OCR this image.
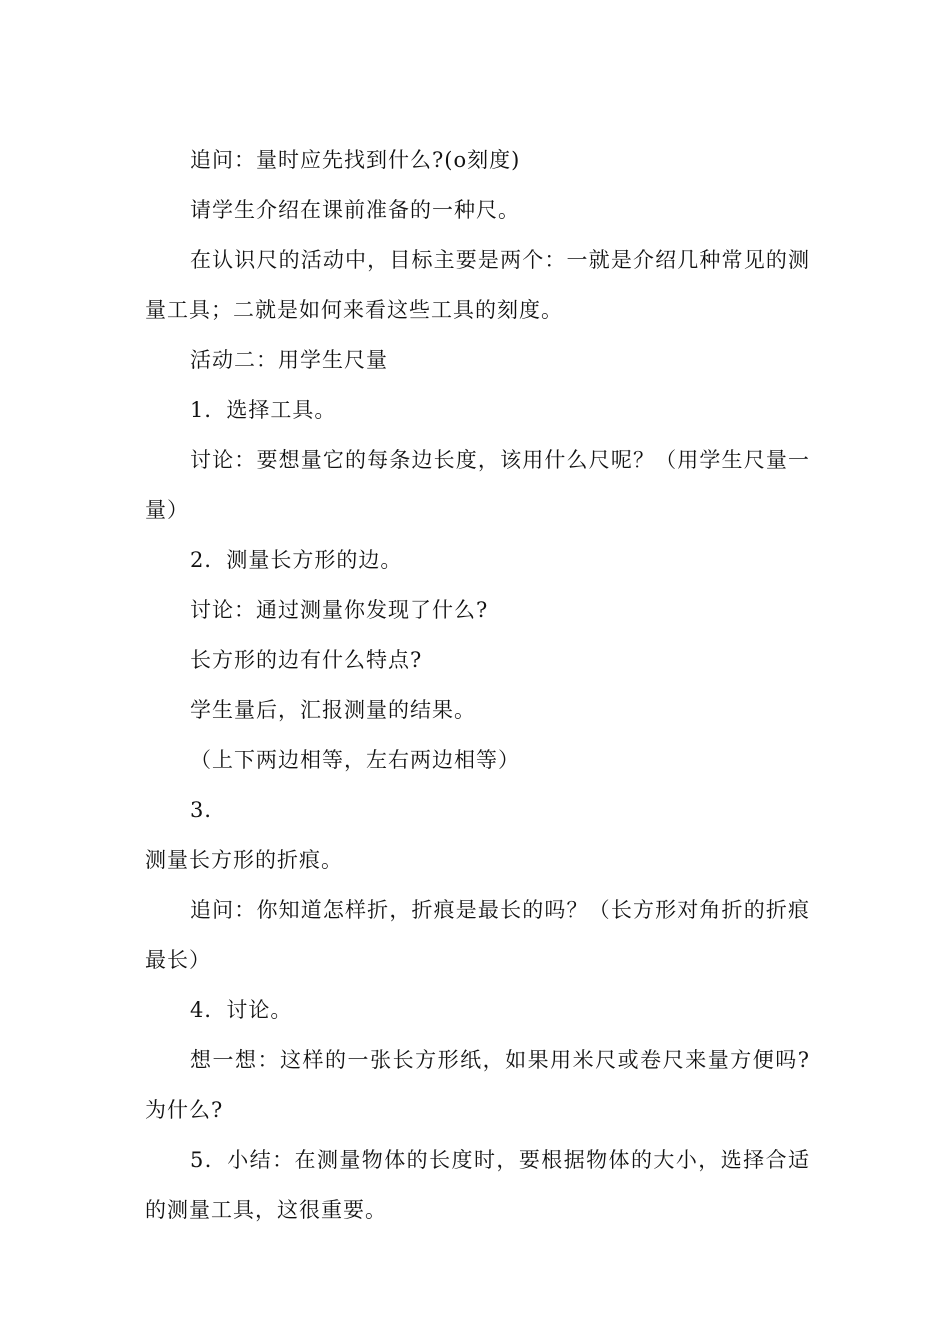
追问：量时应先找到什么?(o刻度)

请学生介绍在课前准备的一种尺。

在认识尺的活动中，目标主要是两个：一就是介绍几种常见的测量工具；二就是如何来看这些工具的刻度。

活动二：用学生尺量

1．选择工具。

讨论：要想量它的每条边长度，该用什么尺呢？（用学生尺量一量）

2．测量长方形的边。

讨论：通过测量你发现了什么?

长方形的边有什么特点?

学生量后，汇报测量的结果。

（上下两边相等，左右两边相等）

3．

测量长方形的折痕。

追问：你知道怎样折，折痕是最长的吗？（长方形对角折的折痕最长）

4．讨论。

想一想：这样的一张长方形纸，如果用米尺或卷尺来量方便吗?为什么?

5．小结：在测量物体的长度时，要根据物体的大小，选择合适的测量工具，这很重要。
